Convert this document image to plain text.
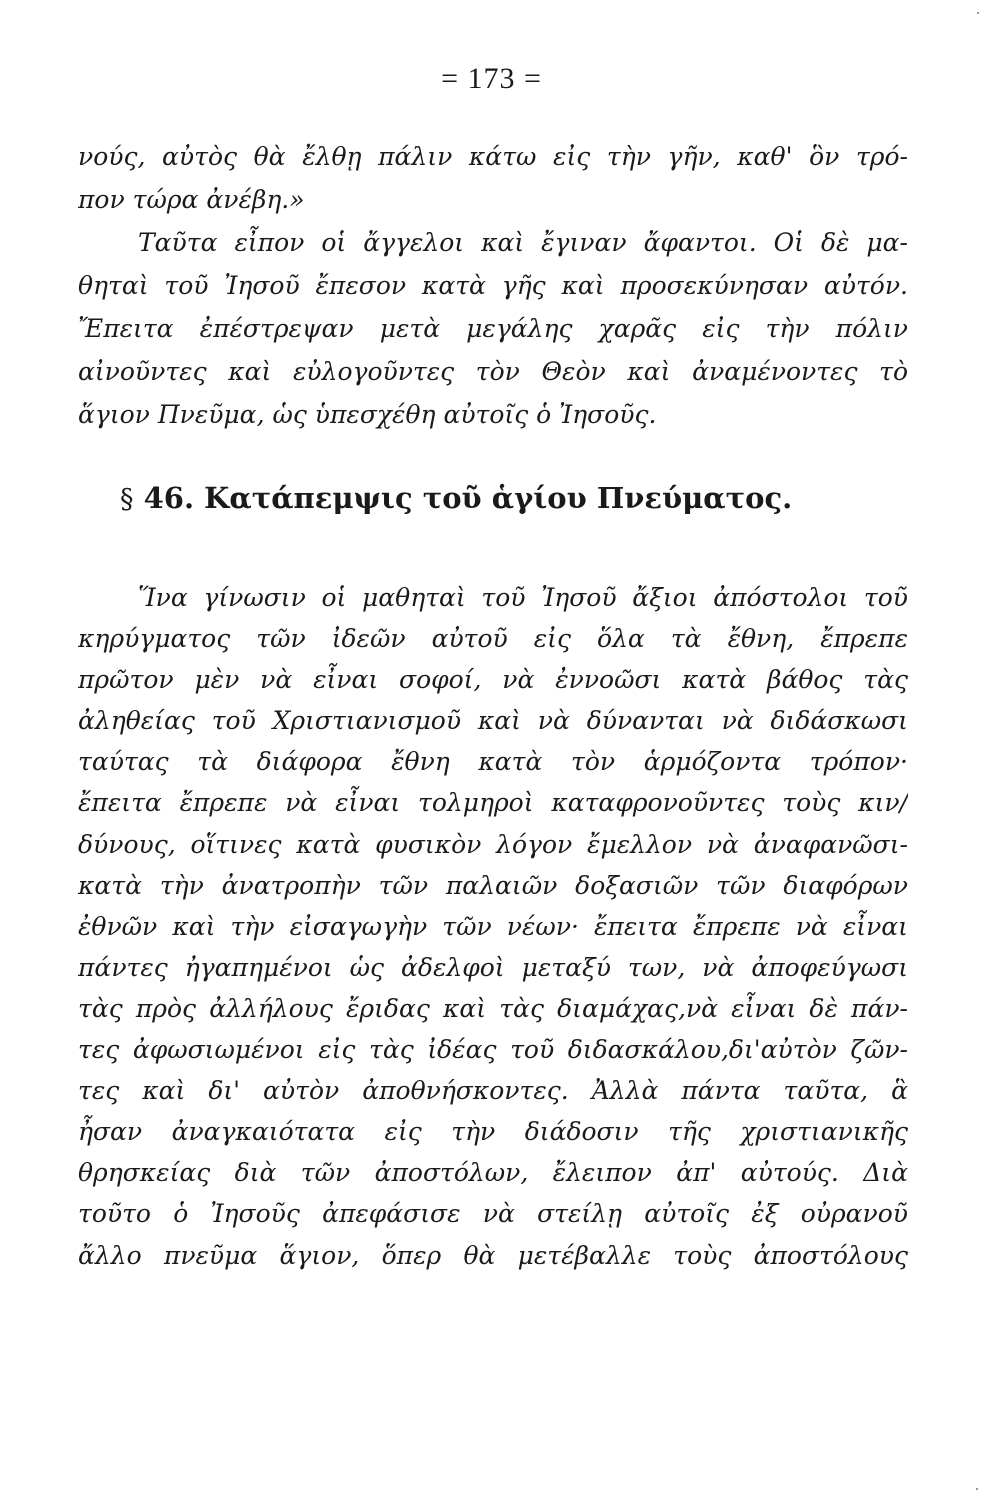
= 173 =
νούς, αὐτὸς θὰ ἔλθῃ πάλιν κάτω εἰς τὴν γῆν, καθ' ὃν τρό-
πον τώρα ἀνέβη.»
Ταῦτα εἶπον οἱ ἄγγελοι καὶ ἔγιναν ἄφαντοι. Οἱ δὲ μα-
θηταὶ τοῦ Ἰησοῦ ἔπεσον κατὰ γῆς καὶ προσεκύνησαν αὐτόν.
Ἔπειτα ἐπέστρεψαν μετὰ μεγάλης χαρᾶς εἰς τὴν πόλιν
αἰνοῦντες καὶ εὐλογοῦντες τὸν Θεὸν καὶ ἀναμένοντες τὸ
ἅγιον Πνεῦμα, ὡς ὑπεσχέθη αὐτοῖς ὁ Ἰησοῦς.
§ 46. Κατάπεμψις τοῦ ἁγίου Πνεύματος.
Ἵνα γίνωσιν οἱ μαθηταὶ τοῦ Ἰησοῦ ἄξιοι ἀπόστολοι τοῦ
κηρύγματος τῶν ἰδεῶν αὐτοῦ εἰς ὅλα τὰ ἔθνη, ἔπρεπε
πρῶτον μὲν νὰ εἶναι σοφοί, νὰ ἐννοῶσι κατὰ βάθος τὰς
ἀληθείας τοῦ Χριστιανισμοῦ καὶ νὰ δύνανται νὰ διδάσκωσι
ταύτας τὰ διάφορα ἔθνη κατὰ τὸν ἁρμόζοντα τρόπον·
ἔπειτα ἔπρεπε νὰ εἶναι τολμηροὶ καταφρονοῦντες τοὺς κιν/
δύνους, οἵτινες κατὰ φυσικὸν λόγον ἔμελλον νὰ ἀναφανῶσι-
κατὰ τὴν ἀνατροπὴν τῶν παλαιῶν δοξασιῶν τῶν διαφόρων
ἐθνῶν καὶ τὴν εἰσαγωγὴν τῶν νέων· ἔπειτα ἔπρεπε νὰ εἶναι
πάντες ἠγαπημένοι ὡς ἀδελφοὶ μεταξύ των, νὰ ἀποφεύγωσι
τὰς πρὸς ἀλλήλους ἔριδας καὶ τὰς διαμάχας,νὰ εἶναι δὲ πάν-
τες ἀφωσιωμένοι εἰς τὰς ἰδέας τοῦ διδασκάλου,δι'αὐτὸν ζῶν-
τες καὶ δι' αὐτὸν ἀποθνήσκοντες. Ἀλλὰ πάντα ταῦτα, ἃ
ἦσαν ἀναγκαιότατα εἰς τὴν διάδοσιν τῆς χριστιανικῆς
θρησκείας διὰ τῶν ἀποστόλων, ἔλειπον ἀπ' αὐτούς. Διὰ
τοῦτο ὁ Ἰησοῦς ἀπεφάσισε νὰ στείλῃ αὐτοῖς ἐξ οὐρανοῦ
ἄλλο πνεῦμα ἅγιον, ὅπερ θὰ μετέβαλλε τοὺς ἀποστόλους
